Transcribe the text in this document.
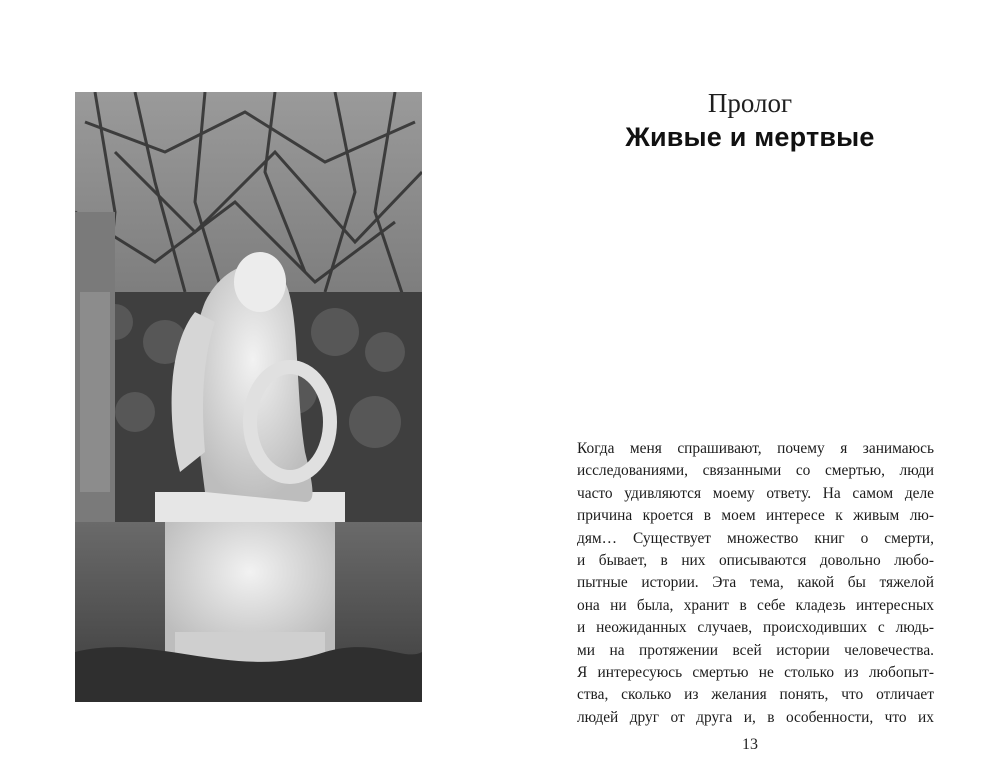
Пролог
Живые и мертвые
Когда меня спрашивают, почему я занимаюсь
исследованиями, связанными со смертью, люди
часто удивляются моему ответу. На самом деле
причина кроется в моем интересе к живым лю-
дям… Существует множество книг о смерти,
и бывает, в них описываются довольно любо-
пытные истории. Эта тема, какой бы тяжелой
она ни была, хранит в себе кладезь интересных
и неожиданных случаев, происходивших с людь-
ми на протяжении всей истории человечества.
Я интересуюсь смертью не столько из любопыт-
ства, сколько из желания понять, что отличает
людей друг от друга и, в особенности, что их
13
